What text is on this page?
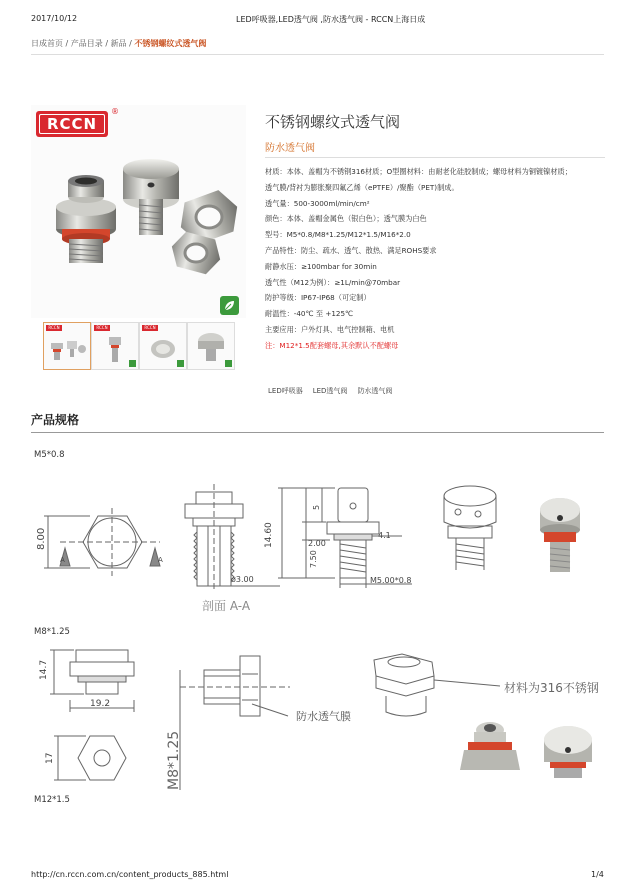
2017/10/12	LED呼吸器,LED透气阀 ,防水透气阀 - RCCN上海日成
日成首页 / 产品目录 / 新品 / 不锈钢螺纹式透气阀
RCCN
®
RCCN	RCCN	RCCN
不锈钢螺纹式透气阀
防水透气阀
材质：本体、盖帽为不锈钢316材质；O型圈材料：由耐老化硅胶制成；螺母材料为铜镀镍材质；
透气膜/背衬为膨胀聚四氟乙烯（ePTFE）/聚酯（PET)制成。
透气量：500-3000ml/min/cm²
颜色：本体、盖帽金属色（银白色）；透气膜为白色
型号：M5*0.8/M8*1.25/M12*1.5/M16*2.0
产品特性：防尘、疏水、透气、散热、满足ROHS要求
耐静水压：≥100mbar for 30min
透气性（M12为例）：≥1L/min@70mbar
防护等级：IP67-IP68（可定制）
耐温性：-40℃ 至 +125℃
主要应用：户外灯具、电气控制箱、电机
注：M12*1.5配套螺母,其余默认不配螺母
LED呼吸器 LED透气阀 防水透气阀
产品规格
M5*0.8
8.00
A	A
ø3.00
剖面 A-A
14.60	2.00
7.50
5
4.1
M5.00*0.8
M8*1.25
14.7
19.2
17
防水透气膜
M8*1.25
材料为316不锈钢
M12*1.5
http://cn.rccn.com.cn/content_products_885.html	1/4
